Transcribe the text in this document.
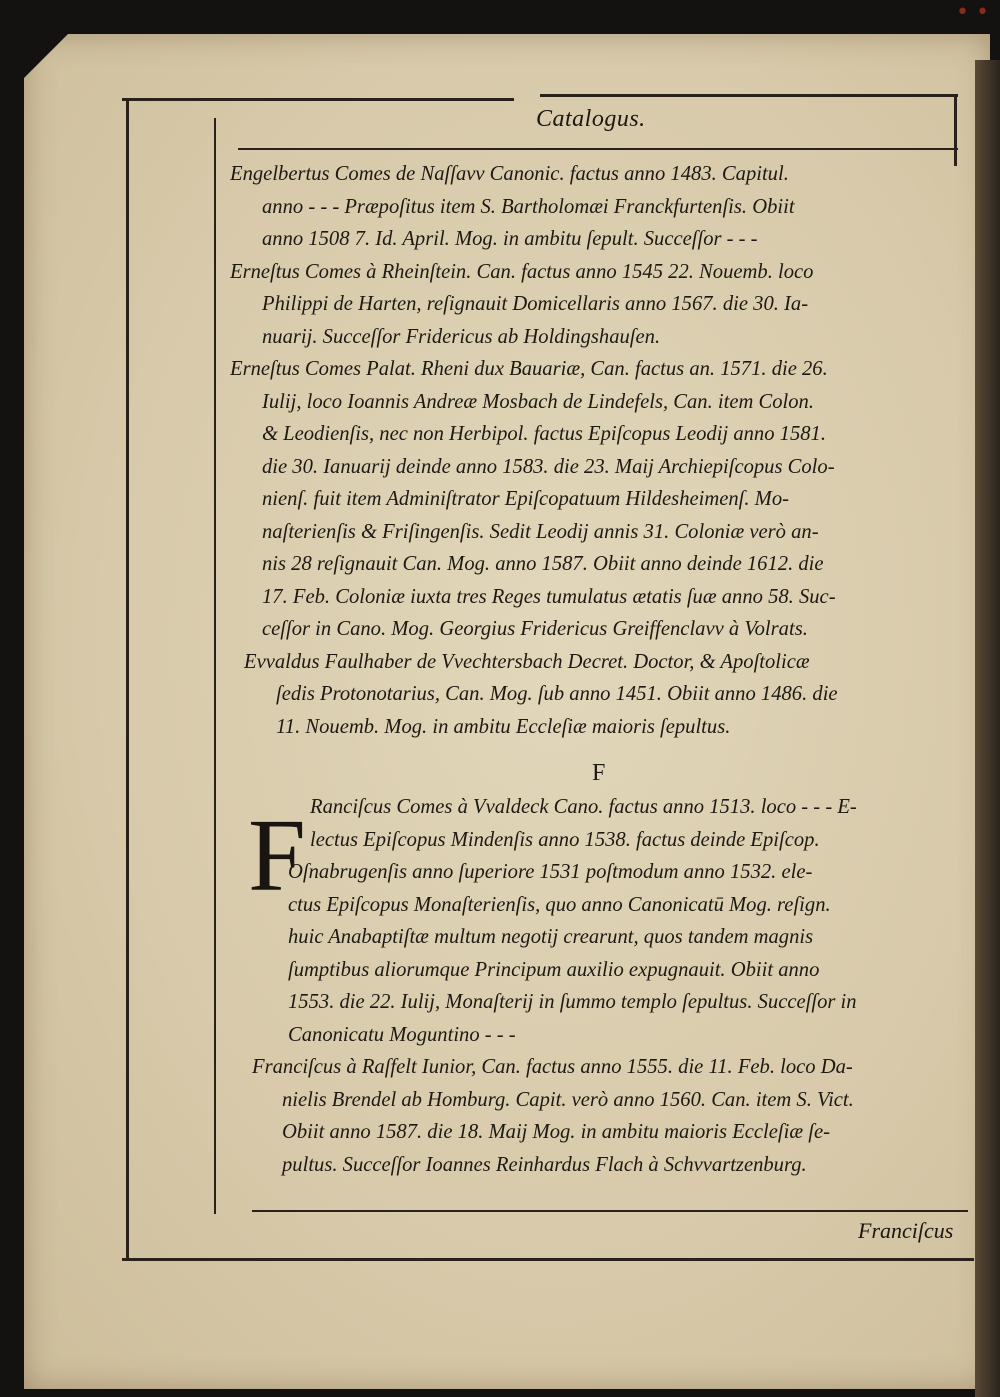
• •
Catalogus.
Engelbertus Comes de Naſſavv Canonic. factus anno 1483. Capitul.
anno - - - Præpoſitus item S. Bartholomæi Franckfurtenſis. Obiit
anno 1508 7. Id. April. Mog. in ambitu ſepult. Succeſſor - - -
Erneſtus Comes à Rheinſtein. Can. factus anno 1545 22. Nouemb. loco
Philippi de Harten, reſignauit Domicellaris anno 1567. die 30. Ia-
nuarij. Succeſſor Fridericus ab Holdingshauſen.
Erneſtus Comes Palat. Rheni dux Bauariæ, Can. factus an. 1571. die 26.
Iulij, loco Ioannis Andreæ Mosbach de Lindefels, Can. item Colon.
& Leodienſis, nec non Herbipol. factus Epiſcopus Leodij anno 1581.
die 30. Ianuarij deinde anno 1583. die 23. Maij Archiepiſcopus Colo-
nienſ. fuit item Adminiſtrator Epiſcopatuum Hildesheimenſ. Mo-
naſterienſis & Friſingenſis. Sedit Leodij annis 31. Coloniæ verò an-
nis 28 reſignauit Can. Mog. anno 1587. Obiit anno deinde 1612. die
17. Feb. Coloniæ iuxta tres Reges tumulatus ætatis ſuæ anno 58. Suc-
ceſſor in Cano. Mog. Georgius Fridericus Greiffenclavv à Volrats.
Evvaldus Faulhaber de Vvechtersbach Decret. Doctor, & Apoſtolicæ
ſedis Protonotarius, Can. Mog. ſub anno 1451. Obiit anno 1486. die
11. Nouemb. Mog. in ambitu Eccleſiæ maioris ſepultus.
Ranciſcus Comes à Vvaldeck Cano. factus anno 1513. loco - - - E-
lectus Epiſcopus Mindenſis anno 1538. factus deinde Epiſcop.
Oſnabrugenſis anno ſuperiore 1531 poſtmodum anno 1532. ele-
ctus Epiſcopus Monaſterienſis, quo anno Canonicatū Mog. reſign.
huic Anabaptiſtæ multum negotij crearunt, quos tandem magnis
ſumptibus aliorumque Principum auxilio expugnauit. Obiit anno
1553. die 22. Iulij, Monaſterij in ſummo templo ſepultus. Succeſſor in
Canonicatu Moguntino - - -
Franciſcus à Raſfelt Iunior, Can. factus anno 1555. die 11. Feb. loco Da-
nielis Brendel ab Homburg. Capit. verò anno 1560. Can. item S. Vict.
Obiit anno 1587. die 18. Maij Mog. in ambitu maioris Eccleſiæ ſe-
pultus. Succeſſor Ioannes Reinhardus Flach à Schvvartzenburg.
F
F
Franciſcus
